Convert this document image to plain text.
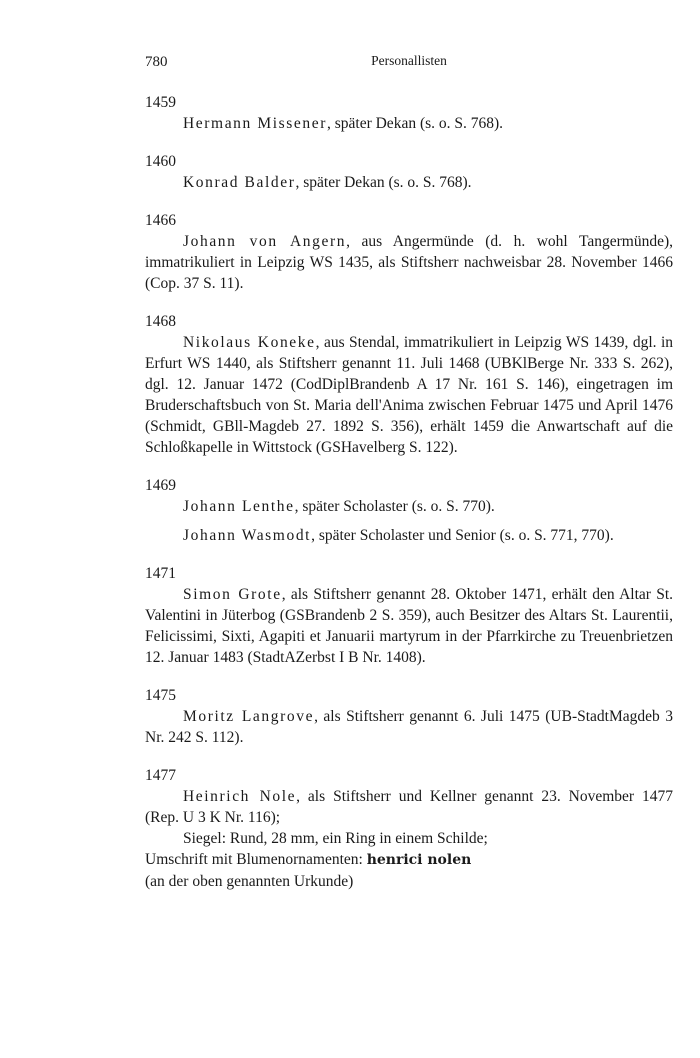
780	Personallisten
1459

Hermann Missener, später Dekan (s. o. S. 768).

1460

Konrad Balder, später Dekan (s. o. S. 768).

1466

Johann von Angern, aus Angermünde (d. h. wohl Tangermünde), immatrikuliert in Leipzig WS 1435, als Stiftsherr nachweisbar 28. November 1466 (Cop. 37 S. 11).

1468

Nikolaus Koneke, aus Stendal, immatrikuliert in Leipzig WS 1439, dgl. in Erfurt WS 1440, als Stiftsherr genannt 11. Juli 1468 (UBKlBerge Nr. 333 S. 262), dgl. 12. Januar 1472 (CodDiplBrandenb A 17 Nr. 161 S. 146), eingetragen im Bruderschaftsbuch von St. Maria dell'Anima zwischen Februar 1475 und April 1476 (Schmidt, GBll-Magdeb 27. 1892 S. 356), erhält 1459 die Anwartschaft auf die Schloßkapelle in Wittstock (GSHavelberg S. 122).

1469

Johann Lenthe, später Scholaster (s. o. S. 770).

Johann Wasmodt, später Scholaster und Senior (s. o. S. 771, 770).

1471

Simon Grote, als Stiftsherr genannt 28. Oktober 1471, erhält den Altar St. Valentini in Jüterbog (GSBrandenb 2 S. 359), auch Besitzer des Altars St. Laurentii, Felicissimi, Sixti, Agapiti et Januarii martyrum in der Pfarrkirche zu Treuenbrietzen 12. Januar 1483 (StadtAZerbst I B Nr. 1408).

1475

Moritz Langrove, als Stiftsherr genannt 6. Juli 1475 (UB-StadtMagdeb 3 Nr. 242 S. 112).

1477

Heinrich Nole, als Stiftsherr und Kellner genannt 23. November 1477 (Rep. U 3 K Nr. 116);

Siegel: Rund, 28 mm, ein Ring in einem Schilde;

Umschrift mit Blumenornamenten: henrici nolen

(an der oben genannten Urkunde)
